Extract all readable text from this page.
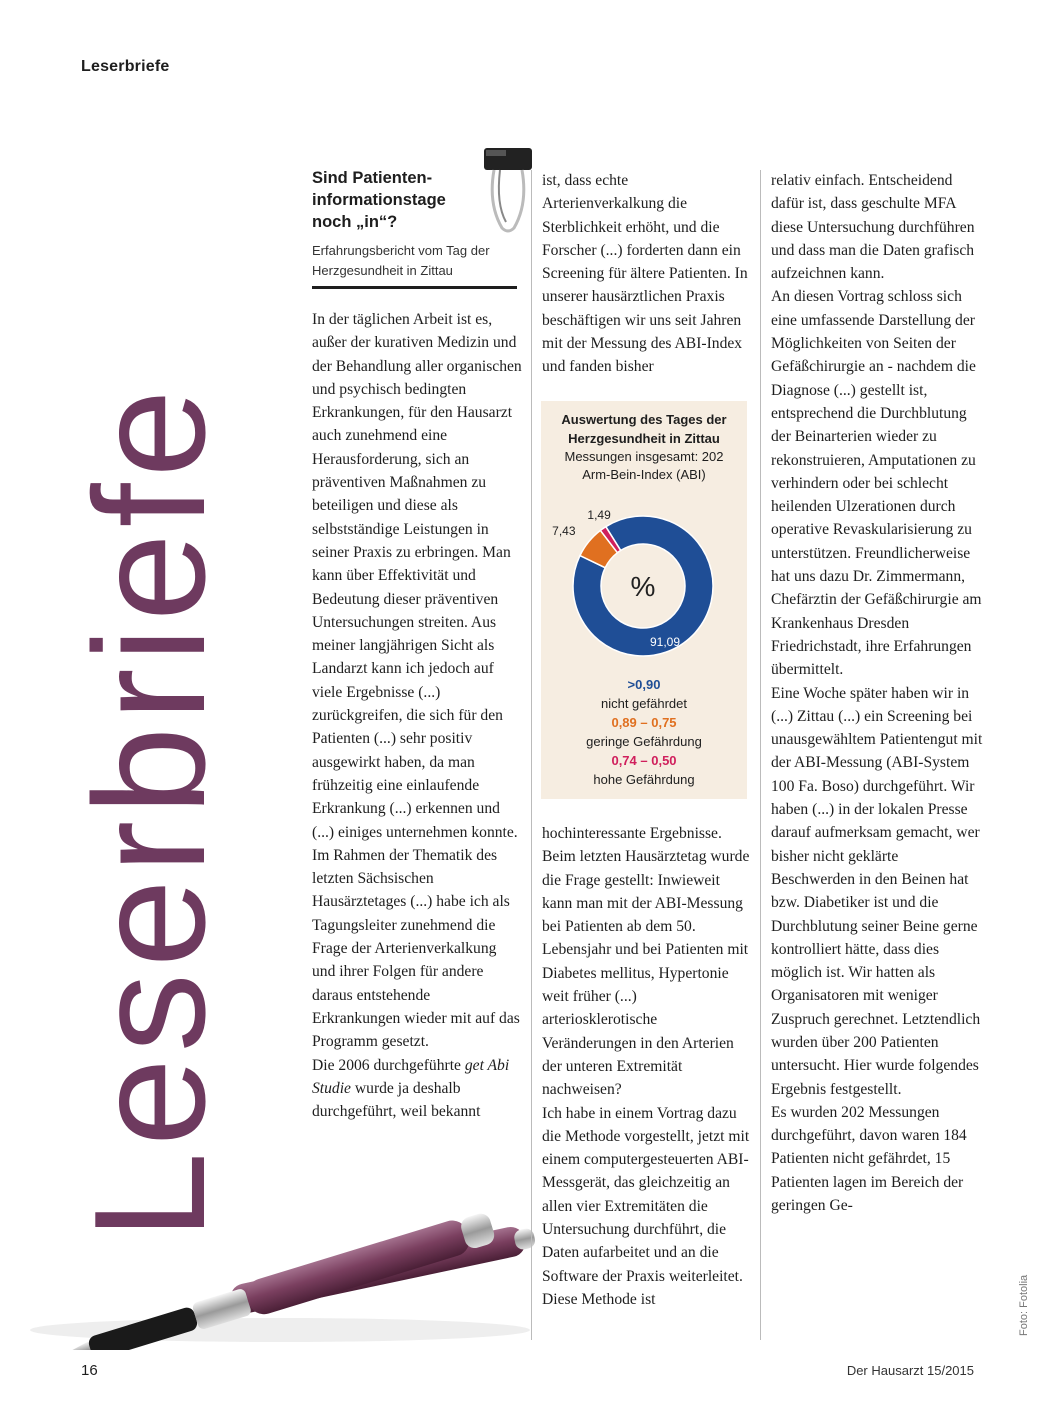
Leserbriefe
Leserbriefe
Sind Patienteninformationstage noch „in“?
Erfahrungsbericht vom Tag der Herzgesundheit in Zittau

In der täglichen Arbeit ist es, außer der kurativen Medizin und der Behandlung aller organischen und psychisch bedingten Erkrankungen, für den Hausarzt auch zunehmend eine Herausforderung, sich an präventiven Maßnahmen zu beteiligen und diese als selbstständige Leistungen in seiner Praxis zu erbringen. Man kann über Effektivität und Bedeutung dieser präventiven Untersuchungen streiten. Aus meiner langjährigen Sicht als Landarzt kann ich jedoch auf viele Ergebnisse (...) zurückgreifen, die sich für den Patienten (...) sehr positiv ausgewirkt haben, da man frühzeitig eine einlaufende Erkrankung (...) erkennen und (...) einiges unternehmen konnte. Im Rahmen der Thematik des letzten Sächsischen Hausärztetages (...) habe ich als Tagungsleiter zunehmend die Frage der Arterienverkalkung und ihrer Folgen für andere daraus entstehende Erkrankungen wieder mit auf das Programm gesetzt.

Die 2006 durchgeführte get Abi Studie wurde ja deshalb durchgeführt, weil bekannt

ist, dass echte Arterienverkalkung die Sterblichkeit erhöht, und die Forscher (...) forderten dann ein Screening für ältere Patienten. In unserer hausärztlichen Praxis beschäftigen wir uns seit Jahren mit der Messung des ABI-Index und fanden bisher

Auswertung des Tages der Herzgesundheit in Zittau
Messungen insgesamt: 202
Arm-Bein-Index (ABI)
91,09
7,43
1,49
%
>0,90
nicht gefährdet
0,89 – 0,75
geringe Gefährdung
0,74 – 0,50
hohe Gefährdung

hochinteressante Ergebnisse. Beim letzten Hausärztetag wurde die Frage gestellt: Inwieweit kann man mit der ABI-Messung bei Patienten ab dem 50. Lebensjahr und bei Patienten mit Diabetes mellitus, Hypertonie weit früher (...) arteriosklerotische Veränderungen in den Arterien der unteren Extremität nachweisen?

Ich habe in einem Vortrag dazu die Methode vorgestellt, jetzt mit einem computergesteuerten ABI-Messgerät, das gleichzeitig an allen vier Extremitäten die Untersuchung durchführt, die Daten aufarbeitet und an die Software der Praxis weiterleitet. Diese Methode ist

relativ einfach. Entscheidend dafür ist, dass geschulte MFA diese Untersuchung durchführen und dass man die Daten grafisch aufzeichnen kann.

An diesen Vortrag schloss sich eine umfassende Darstellung der Möglichkeiten von Seiten der Gefäßchirurgie an - nachdem die Diagnose (...) gestellt ist, entsprechend die Durchblutung der Beinarterien wieder zu rekonstruieren, Amputationen zu verhindern oder bei schlecht heilenden Ulzerationen durch operative Revaskularisierung zu unterstützen. Freundlicherweise hat uns dazu Dr. Zimmermann, Chefärztin der Gefäßchirurgie am Krankenhaus Dresden Friedrichstadt, ihre Erfahrungen übermittelt.

Eine Woche später haben wir in (...) Zittau (...) ein Screening bei unausgewähltem Patientengut mit der ABI-Messung (ABI-System 100 Fa. Boso) durchgeführt. Wir haben (...) in der lokalen Presse darauf aufmerksam gemacht, wer bisher nicht geklärte Beschwerden in den Beinen hat bzw. Diabetiker ist und die Durchblutung seiner Beine gerne kontrolliert hätte, dass dies möglich ist. Wir hatten als Organisatoren mit weniger Zuspruch gerechnet. Letztendlich wurden über 200 Patienten untersucht. Hier wurde folgendes Ergebnis festgestellt.

Es wurden 202 Messungen durchgeführt, davon waren 184 Patienten nicht gefährdet, 15 Patienten lagen im Bereich der geringen Ge-

16	Der Hausarzt 15/2015
Foto: Fotolia
